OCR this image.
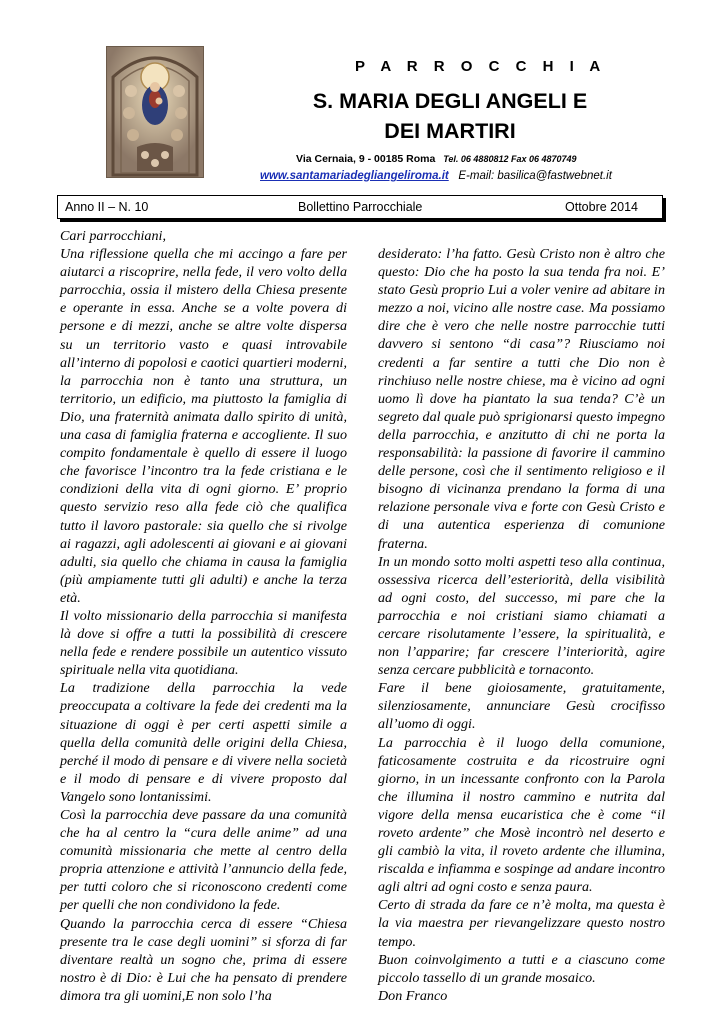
P A R R O C C H I A
S. MARIA DEGLI ANGELI E
DEI MARTIRI
Via Cernaia, 9 - 00185 Roma Tel. 06 4880812 Fax 06 4870749
www.santamariadegliangeliroma.it E-mail: basilica@fastwebnet.it
Anno II – N. 10	Bollettino Parrocchiale	Ottobre 2014

Cari parrocchiani,

Una riflessione quella che mi accingo a fare per aiutarci a riscoprire, nella fede, il vero volto della parrocchia, ossia il mistero della Chiesa presente e operante in essa. Anche se a volte povera di persone e di mezzi, anche se altre volte dispersa su un territorio vasto e quasi introvabile all’interno di popolosi e caotici quartieri moderni, la parrocchia non è tanto una struttura, un territorio, un edificio, ma piuttosto la famiglia di Dio, una fraternità animata dallo spirito di unità, una casa di famiglia fraterna e accogliente. Il suo compito fondamentale è quello di essere il luogo che favorisce l’incontro tra la fede cristiana e le condizioni della vita di ogni giorno. E’ proprio questo servizio reso alla fede ciò che qualifica tutto il lavoro pastorale: sia quello che si rivolge ai ragazzi, agli adolescenti ai giovani e ai giovani adulti, sia quello che chiama in causa la famiglia (più ampiamente tutti gli adulti) e anche la terza età.

Il volto missionario della parrocchia si manifesta là dove si offre a tutti la possibilità di crescere nella fede e rendere possibile un autentico vissuto spirituale nella vita quotidiana.

La tradizione della parrocchia la vede preoccupata a coltivare la fede dei credenti ma la situazione di oggi è per certi aspetti simile a quella della comunità delle origini della Chiesa, perché il modo di pensare e di vivere nella società e il modo di pensare e di vivere proposto dal Vangelo sono lontanissimi.

Così la parrocchia deve passare da una comunità che ha al centro la “cura delle anime” ad una comunità missionaria che mette al centro della propria attenzione e attività l’annuncio della fede, per tutti coloro che si riconoscono credenti come per quelli che non condividono la fede.

Quando la parrocchia cerca di essere “Chiesa presente tra le case degli uomini” si sforza di far diventare realtà un sogno che, prima di essere nostro è di Dio: è Lui che ha pensato di prendere dimora tra gli uomini,E non solo l’ha

desiderato: l’ha fatto. Gesù Cristo non è altro che questo: Dio che ha posto la sua tenda fra noi. E’ stato Gesù proprio Lui a voler venire ad abitare in mezzo a noi, vicino alle nostre case. Ma possiamo dire che è vero che nelle nostre parrocchie tutti davvero si sentono “di casa”? Riusciamo noi credenti a far sentire a tutti che Dio non è rinchiuso nelle nostre chiese, ma è vicino ad ogni uomo lì dove ha piantato la sua tenda? C’è un segreto dal quale può sprigionarsi questo impegno della parrocchia, e anzitutto di chi ne porta la responsabilità: la passione di favorire il cammino delle persone, così che il sentimento religioso e il bisogno di vicinanza prendano la forma di una relazione personale viva e forte con Gesù Cristo e di una autentica esperienza di comunione fraterna.

In un mondo sotto molti aspetti teso alla continua, ossessiva ricerca dell’esteriorità, della visibilità ad ogni costo, del successo, mi pare che la parrocchia e noi cristiani siamo chiamati a cercare risolutamente l’essere, la spiritualità, e non l’apparire; far crescere l’interiorità, agire senza cercare pubblicità e tornaconto.

Fare il bene gioiosamente, gratuitamente, silenziosamente, annunciare Gesù crocifisso all’uomo di oggi.

La parrocchia è il luogo della comunione, faticosamente costruita e da ricostruire ogni giorno, in un incessante confronto con la Parola che illumina il nostro cammino e nutrita dal vigore della mensa eucaristica che è come “il roveto ardente” che Mosè incontrò nel deserto e gli cambiò la vita, il roveto ardente che illumina, riscalda e infiamma e sospinge ad andare incontro agli altri ad ogni costo e senza paura.

Certo di strada da fare ce n’è molta, ma questa è la via maestra per rievangelizzare questo nostro tempo.

Buon coinvolgimento a tutti e a ciascuno come piccolo tassello di un grande mosaico.

Don Franco
